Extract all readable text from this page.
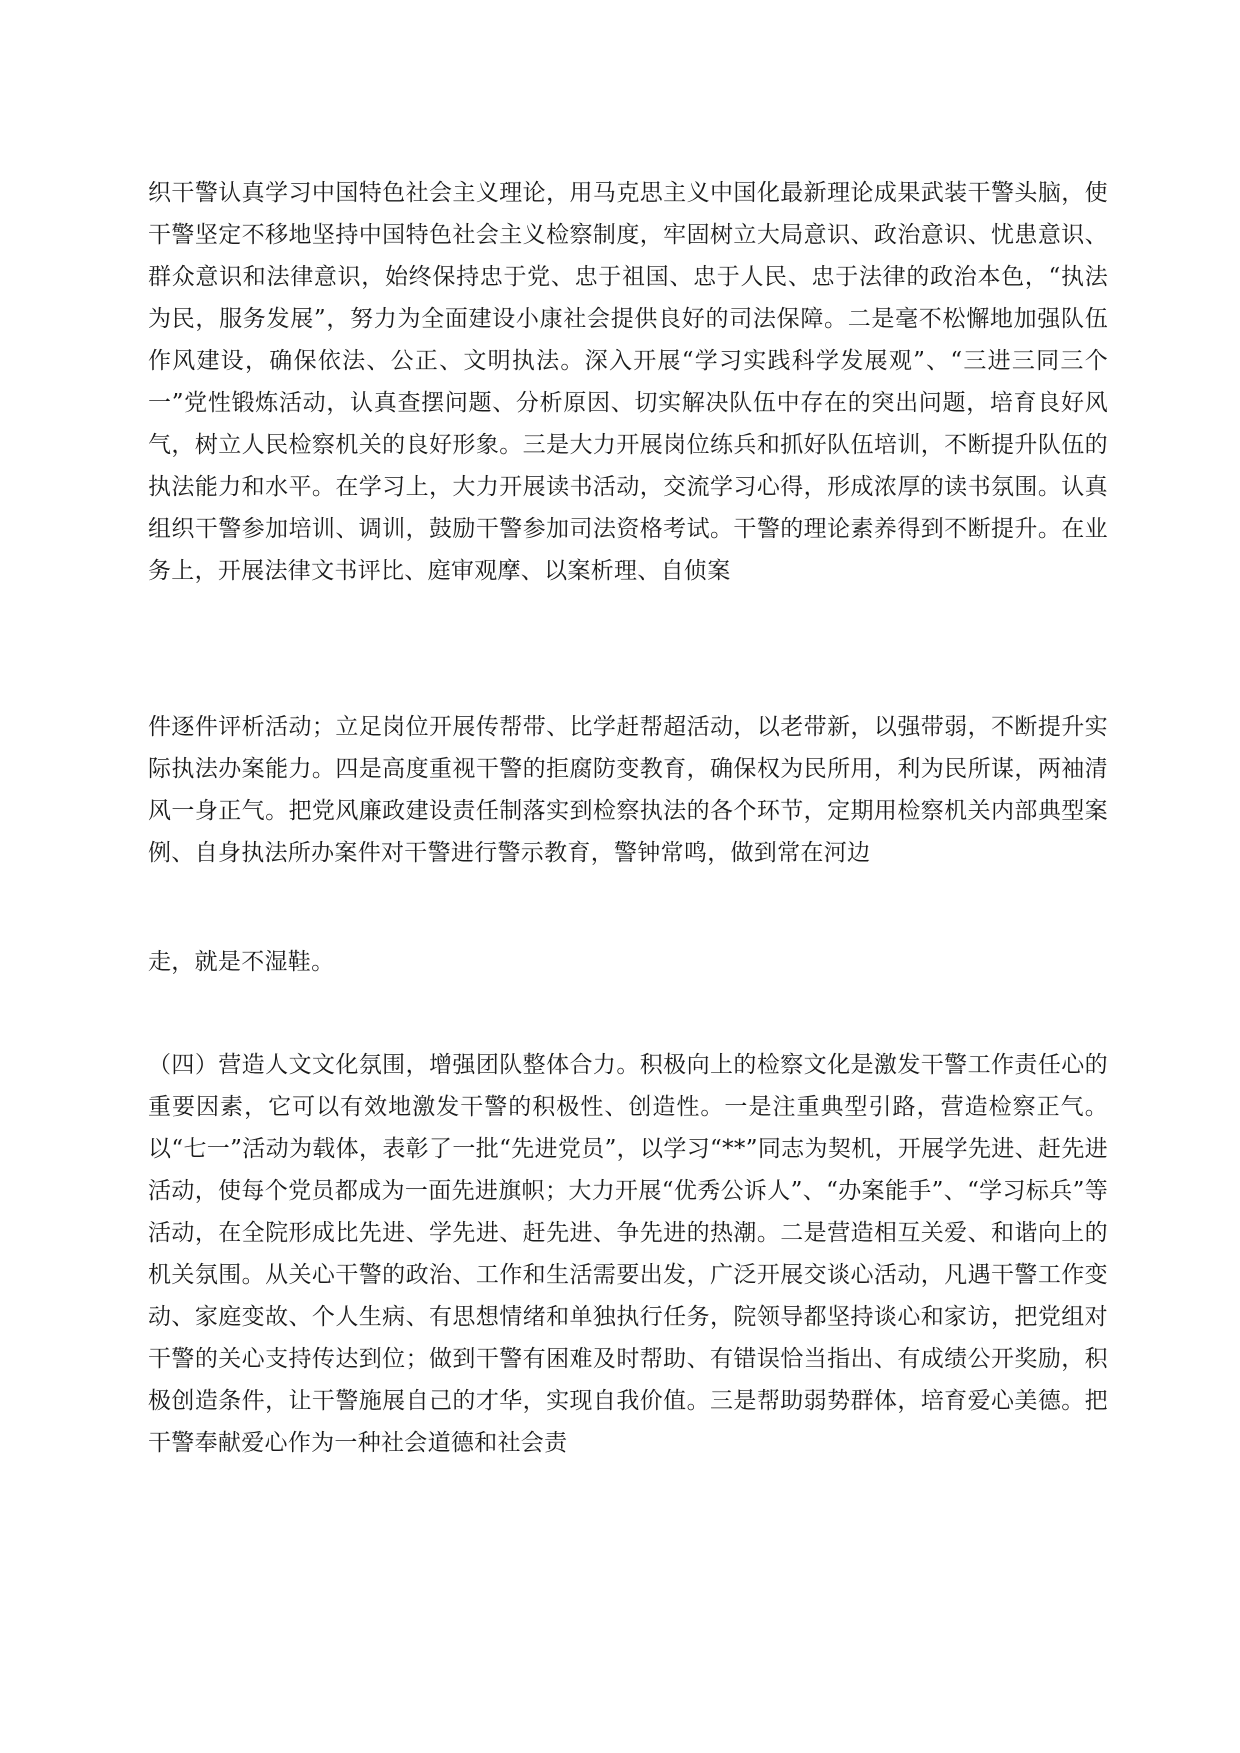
织干警认真学习中国特色社会主义理论，用马克思主义中国化最新理论成果武装干警头脑，使干警坚定不移地坚持中国特色社会主义检察制度，牢固树立大局意识、政治意识、忧患意识、群众意识和法律意识，始终保持忠于党、忠于祖国、忠于人民、忠于法律的政治本色，“执法为民，服务发展”，努力为全面建设小康社会提供良好的司法保障。二是毫不松懈地加强队伍作风建设，确保依法、公正、文明执法。深入开展“学习实践科学发展观”、“三进三同三个一”党性锻炼活动，认真查摆问题、分析原因、切实解决队伍中存在的突出问题，培育良好风气，树立人民检察机关的良好形象。三是大力开展岗位练兵和抓好队伍培训，不断提升队伍的执法能力和水平。在学习上，大力开展读书活动，交流学习心得，形成浓厚的读书氛围。认真组织干警参加培训、调训，鼓励干警参加司法资格考试。干警的理论素养得到不断提升。在业务上，开展法律文书评比、庭审观摩、以案析理、自侦案

件逐件评析活动；立足岗位开展传帮带、比学赶帮超活动，以老带新，以强带弱，不断提升实际执法办案能力。四是高度重视干警的拒腐防变教育，确保权为民所用，利为民所谋，两袖清风一身正气。把党风廉政建设责任制落实到检察执法的各个环节，定期用检察机关内部典型案例、自身执法所办案件对干警进行警示教育，警钟常鸣，做到常在河边

走，就是不湿鞋。

（四）营造人文文化氛围，增强团队整体合力。积极向上的检察文化是激发干警工作责任心的重要因素，它可以有效地激发干警的积极性、创造性。一是注重典型引路，营造检察正气。以“七一”活动为载体，表彰了一批“先进党员”，以学习“**”同志为契机，开展学先进、赶先进活动，使每个党员都成为一面先进旗帜；大力开展“优秀公诉人”、“办案能手”、“学习标兵”等活动，在全院形成比先进、学先进、赶先进、争先进的热潮。二是营造相互关爱、和谐向上的机关氛围。从关心干警的政治、工作和生活需要出发，广泛开展交谈心活动，凡遇干警工作变动、家庭变故、个人生病、有思想情绪和单独执行任务，院领导都坚持谈心和家访，把党组对干警的关心支持传达到位；做到干警有困难及时帮助、有错误恰当指出、有成绩公开奖励，积极创造条件，让干警施展自己的才华，实现自我价值。三是帮助弱势群体，培育爱心美德。把干警奉献爱心作为一种社会道德和社会责
